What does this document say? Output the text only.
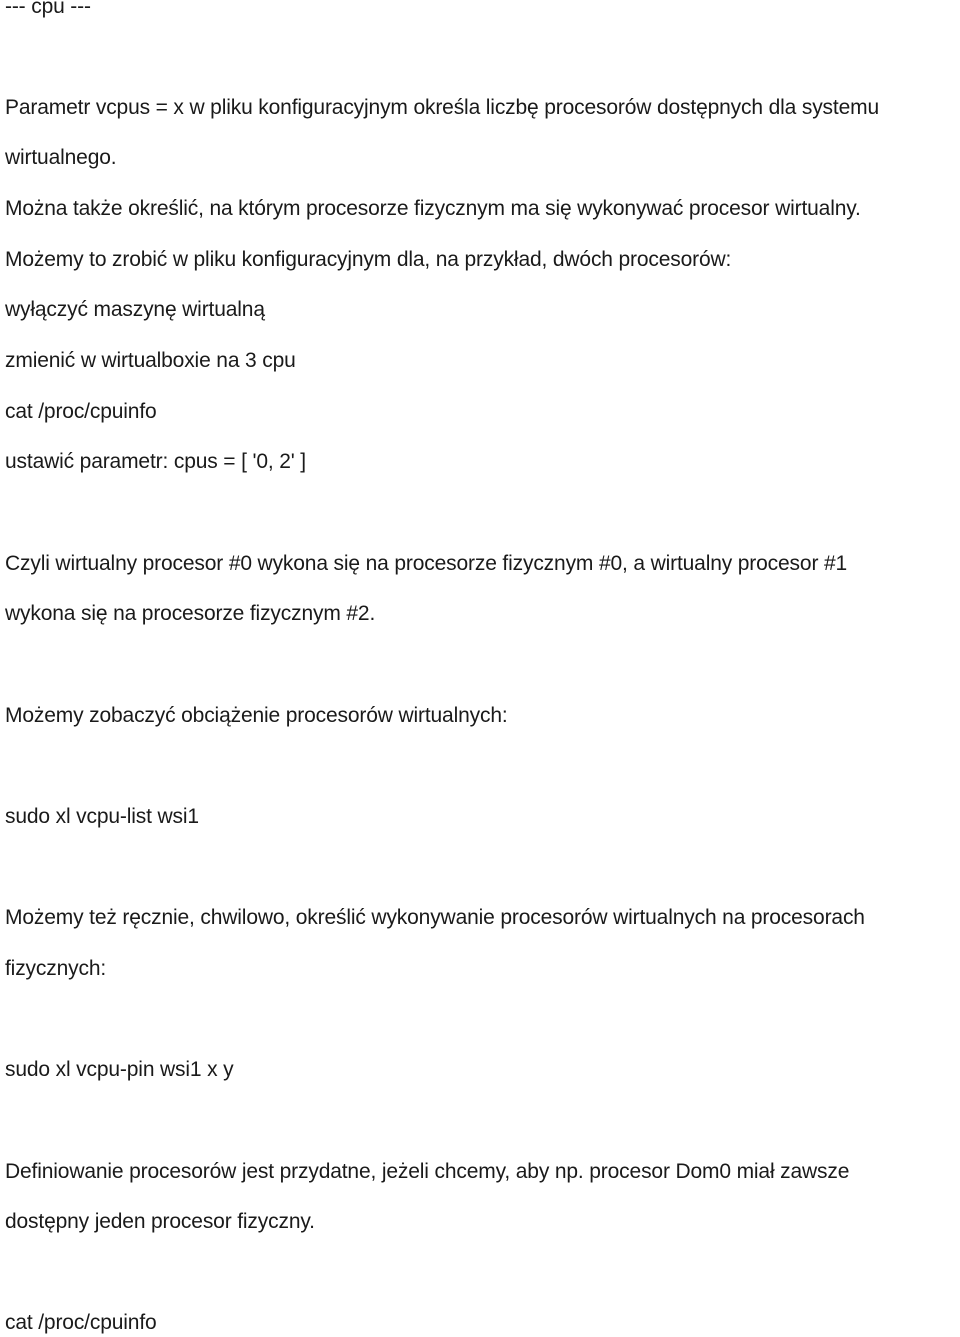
--- cpu ---
Parametr vcpus = x w pliku konfiguracyjnym określa liczbę procesorów dostępnych dla systemu
wirtualnego.
Można także określić, na którym procesorze fizycznym ma się wykonywać procesor wirtualny.
Możemy to zrobić w pliku konfiguracyjnym dla, na przykład, dwóch procesorów:
wyłączyć maszynę wirtualną
zmienić w wirtualboxie na 3 cpu
cat /proc/cpuinfo
ustawić parametr: cpus = [ '0, 2' ]
Czyli wirtualny procesor #0 wykona się na procesorze fizycznym #0, a wirtualny procesor #1
wykona się na procesorze fizycznym #2.
Możemy zobaczyć obciążenie procesorów wirtualnych:
sudo xl vcpu-list wsi1
Możemy też ręcznie, chwilowo, określić wykonywanie procesorów wirtualnych na procesorach
fizycznych:
sudo xl vcpu-pin wsi1 x y
Definiowanie procesorów jest przydatne, jeżeli chcemy, aby np. procesor Dom0 miał zawsze
dostępny jeden procesor fizyczny.
cat /proc/cpuinfo
